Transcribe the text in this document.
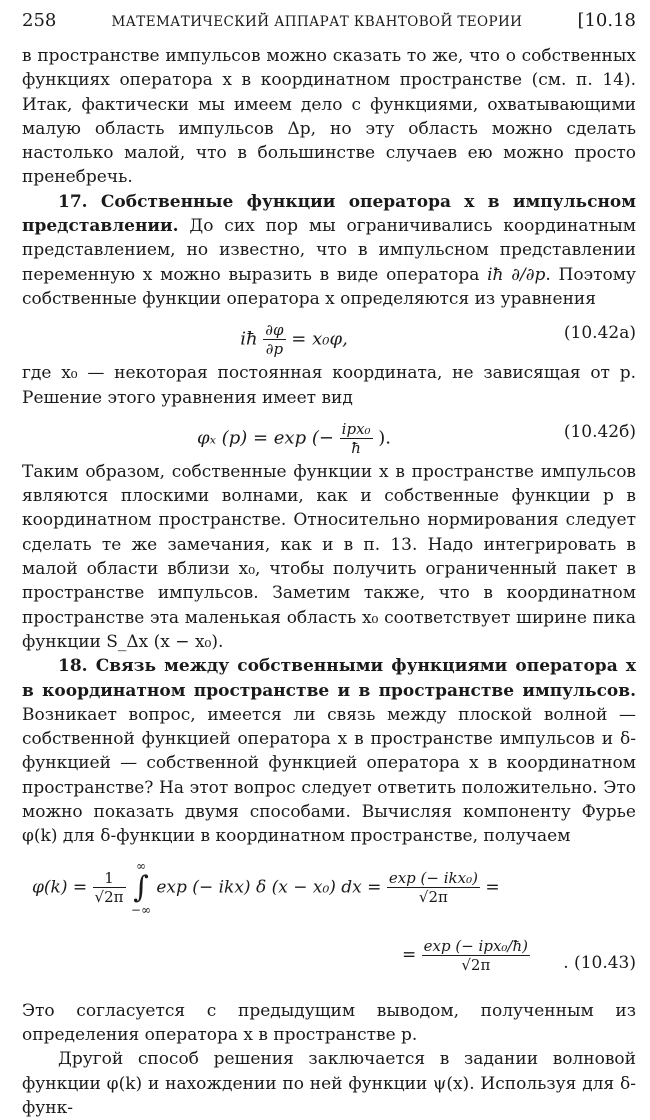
258	МАТЕМАТИЧЕСКИЙ АППАРАТ КВАНТОВОЙ ТЕОРИИ	[10.18

в пространстве импульсов можно сказать то же, что о собственных функциях оператора x в координатном пространстве (см. п. 14). Итак, фактически мы имеем дело с функциями, охватывающими малую область импульсов Δp, но эту область можно сделать настолько малой, что в большинстве случаев ею можно просто пренебречь.

17. Собственные функции оператора x в импульсном представлении. До сих пор мы ограничивались координатным представлением, но известно, что в импульсном представлении переменную x можно выразить в виде оператора iħ ∂/∂p. Поэтому собственные функции оператора x определяются из уравнения

iħ $\frac{\partial\varphi}{\partial p} = x_0\varphi$,	(10.42a)

где x₀ — некоторая постоянная координата, не зависящая от p. Решение этого уравнения имеет вид

φₓ (p) = exp (− $\frac{\text{ipx₀}}{ħ}$ ).	(10.42б)

Таким образом, собственные функции x в пространстве импульсов являются плоскими волнами, как и собственные функции p в координатном пространстве. Относительно нормирования следует сделать те же замечания, как и в п. 13. Надо интегрировать в малой области вблизи x₀, чтобы получить ограниченный пакет в пространстве импульсов. Заметим также, что в координатном пространстве эта маленькая область x₀ соответствует ширине пика функции S_Δx (x − x₀).

18. Связь между собственными функциями оператора x в координатном пространстве и в пространстве импульсов. Возникает вопрос, имеется ли связь между плоской волной — собственной функцией оператора x в пространстве импульсов и δ-функцией — собственной функцией оператора x в координатном пространстве? На этот вопрос следует ответить положительно. Это можно показать двумя способами. Вычисляя компоненту Фурье φ(k) для δ-функции в координатном пространстве, получаем

$\varphi(k) = \frac{1}{√2\pi}$

∞
∫
−∞
exp (− ikx) δ (x − x₀) dx = $\frac{\text{exp (− ikx₀)}}{√2\pi}$ =
= $\frac{\text{exp (− ipx₀/ħ)}}{√2\pi}$ . (10.43)

Это согласуется с предыдущим выводом, полученным из определения оператора x в пространстве p.

Другой способ решения заключается в задании волновой функции φ(k) и нахождении по ней функции ψ(x). Используя для δ-функ-
